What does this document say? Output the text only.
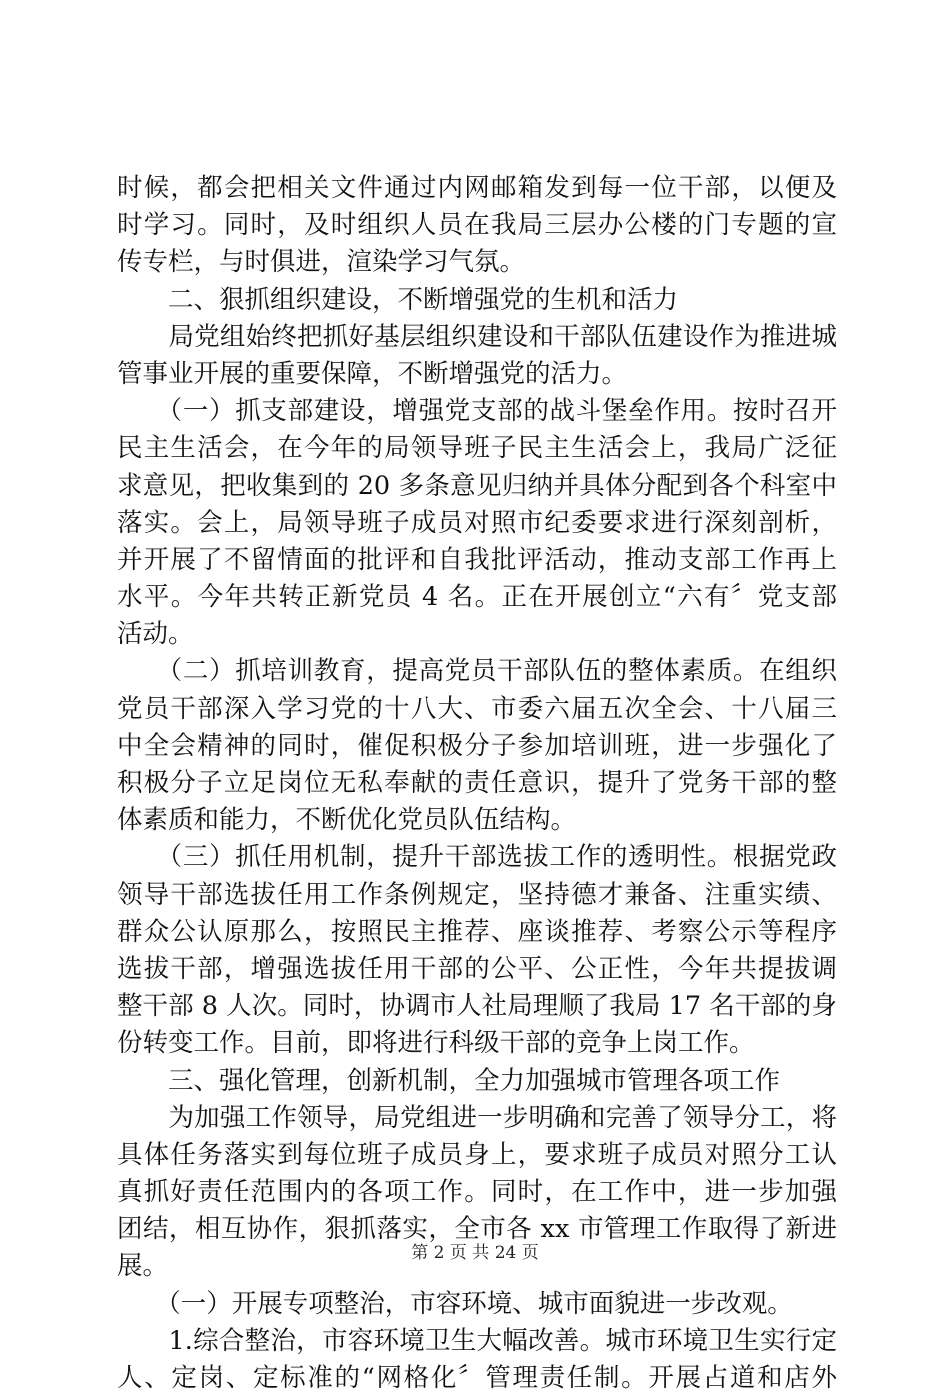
时候，都会把相关文件通过内网邮箱发到每一位干部，以便及
时学习。同时，及时组织人员在我局三层办公楼的门专题的宣
传专栏，与时俱进，渲染学习气氛。
　　二、狠抓组织建设，不断增强党的生机和活力
　　局党组始终把抓好基层组织建设和干部队伍建设作为推进城
管事业开展的重要保障，不断增强党的活力。
　　（一）抓支部建设，增强党支部的战斗堡垒作用。按时召开
民主生活会，在今年的局领导班子民主生活会上，我局广泛征
求意见，把收集到的 20 多条意见归纳并具体分配到各个科室中
落实。会上，局领导班子成员对照市纪委要求进行深刻剖析，
并开展了不留情面的批评和自我批评活动，推动支部工作再上
水平。今年共转正新党员 4 名。正在开展创立“六有〞党支部
活动。
　　（二）抓培训教育，提高党员干部队伍的整体素质。在组织
党员干部深入学习党的十八大、市委六届五次全会、十八届三
中全会精神的同时，催促积极分子参加培训班，进一步强化了
积极分子立足岗位无私奉献的责任意识，提升了党务干部的整
体素质和能力，不断优化党员队伍结构。
　　（三）抓任用机制，提升干部选拔工作的透明性。根据党政
领导干部选拔任用工作条例规定，坚持德才兼备、注重实绩、
群众公认原那么，按照民主推荐、座谈推荐、考察公示等程序
选拔干部，增强选拔任用干部的公平、公正性，今年共提拔调
整干部 8 人次。同时，协调市人社局理顺了我局 17 名干部的身
份转变工作。目前，即将进行科级干部的竞争上岗工作。
　　三、强化管理，创新机制，全力加强城市管理各项工作
　　为加强工作领导，局党组进一步明确和完善了领导分工，将
具体任务落实到每位班子成员身上，要求班子成员对照分工认
真抓好责任范围内的各项工作。同时，在工作中，进一步加强
团结，相互协作，狠抓落实，全市各 xx 市管理工作取得了新进
展。
　　（一）开展专项整治，市容环境、城市面貌进一步改观。
　　1.综合整治，市容环境卫生大幅改善。城市环境卫生实行定
人、定岗、定标准的“网格化〞管理责任制。开展占道和店外
第 2 页 共 24 页
